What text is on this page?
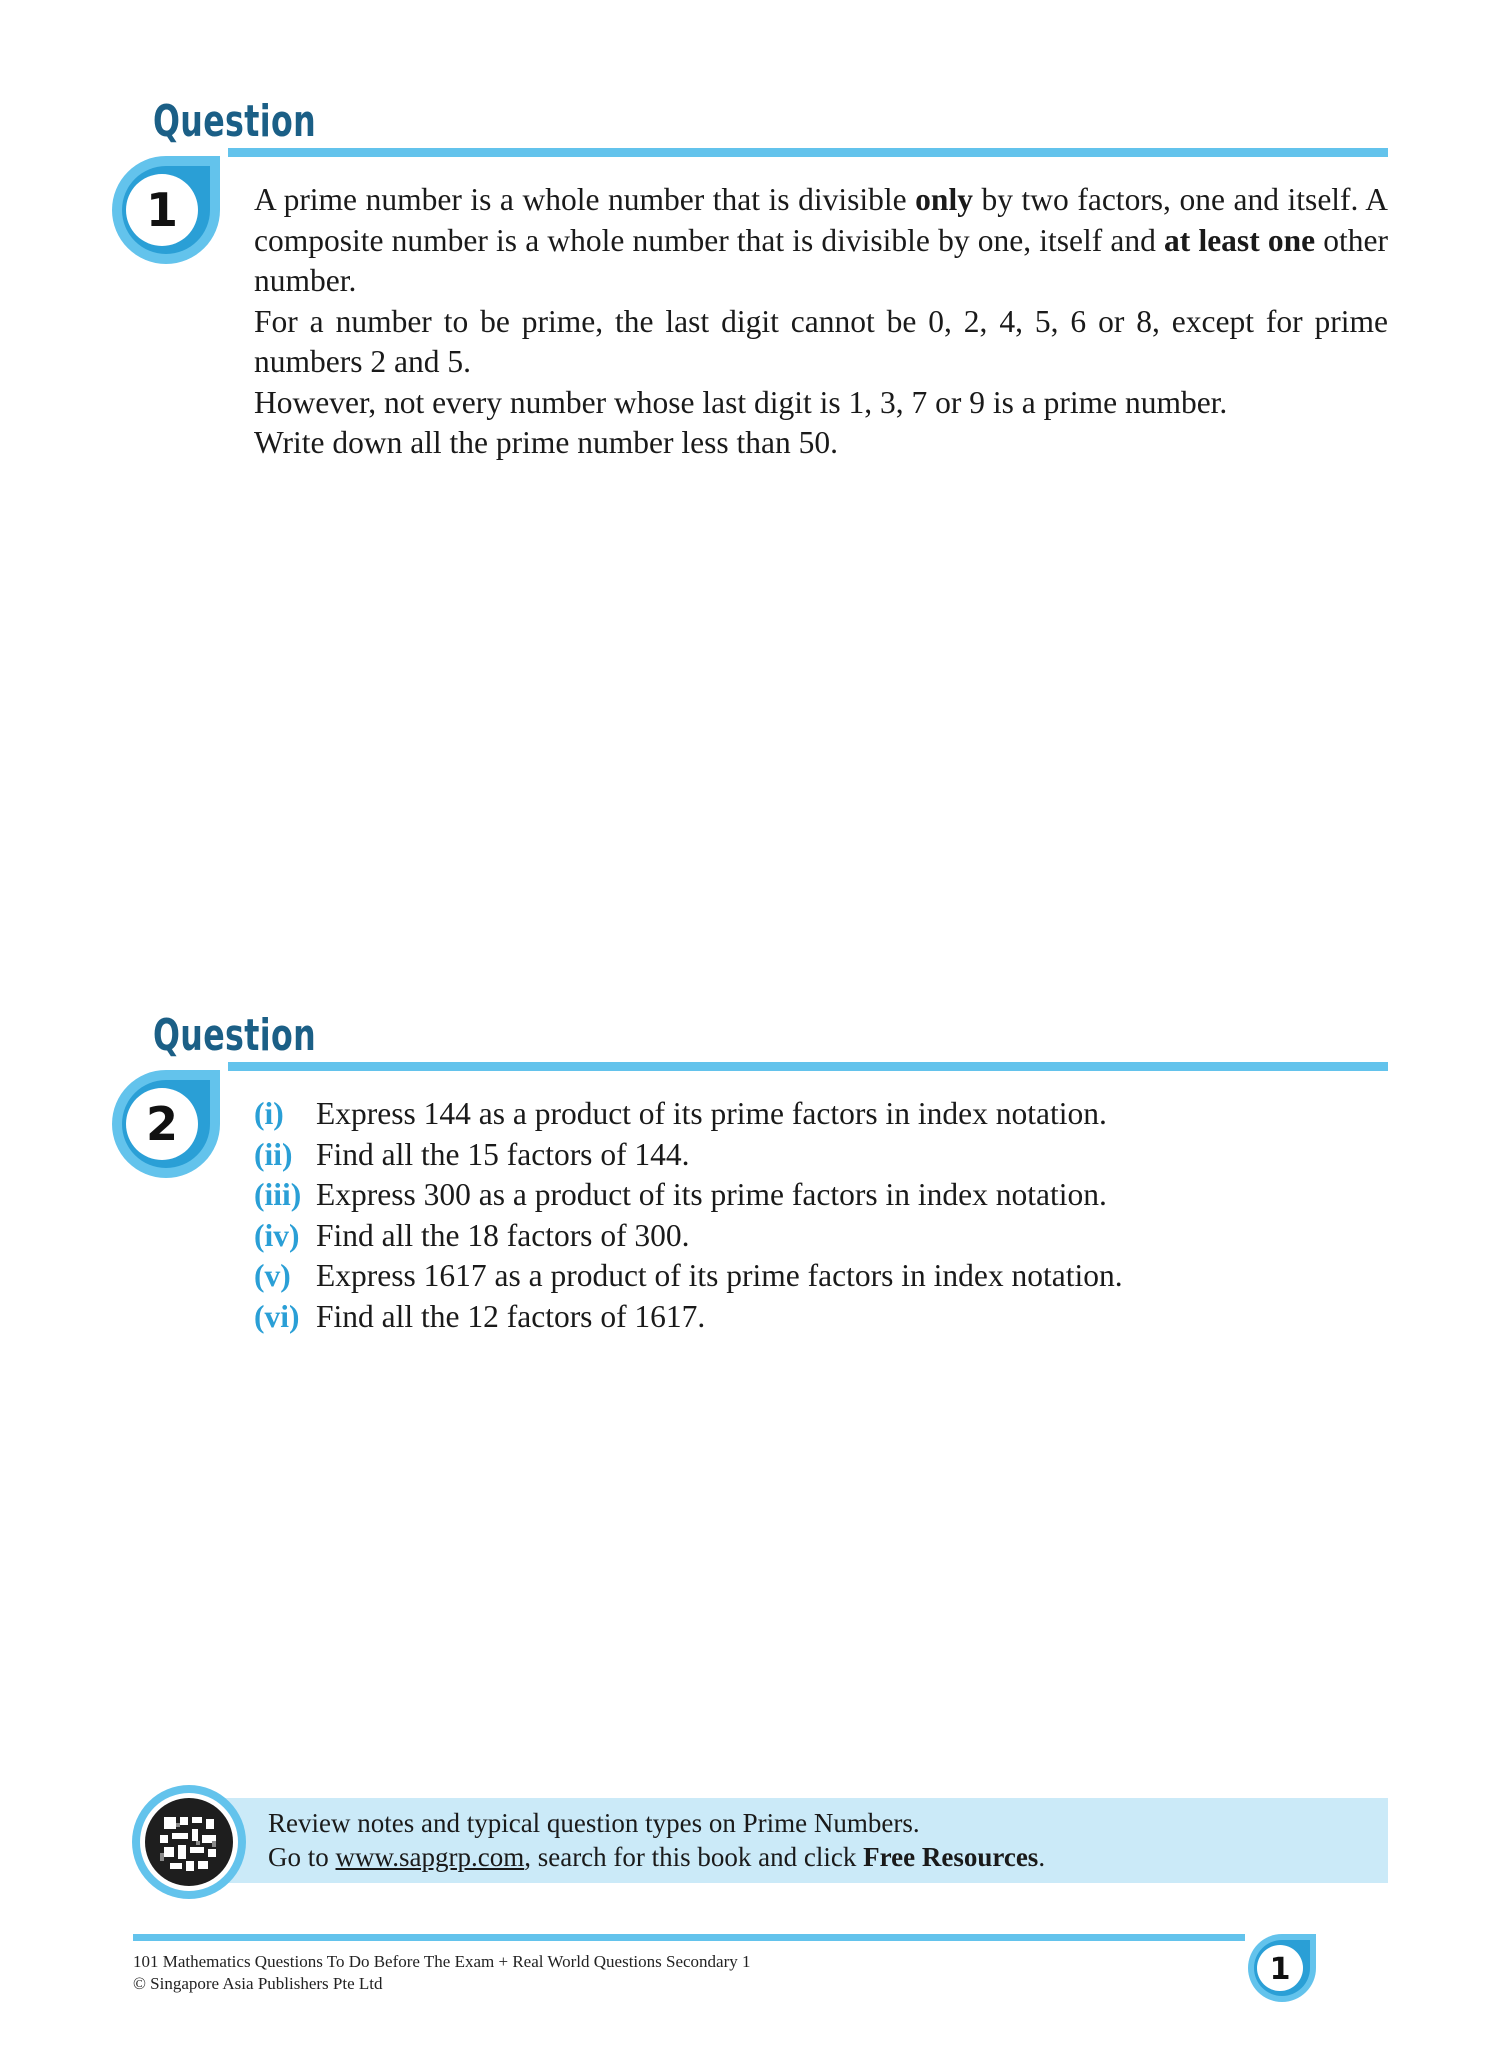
Question
1 A prime number is a whole number that is divisible only by two factors, one and itself. A composite number is a whole number that is divisible by one, itself and at least one other number.

For a number to be prime, the last digit cannot be 0, 2, 4, 5, 6 or 8, except for prime numbers 2 and 5.

However, not every number whose last digit is 1, 3, 7 or 9 is a prime number.

Write down all the prime number less than 50.

Question
2 (i)	Express 144 as a product of its prime factors in index notation.
(ii) Find all the 15 factors of 144.
(iii) Express 300 as a product of its prime factors in index notation.
(iv) Find all the 18 factors of 300.
(v) Express 1617 as a product of its prime factors in index notation.
(vi) Find all the 12 factors of 1617.
Review notes and typical question types on Prime Numbers.
Go to www.sapgrp.com, search for this book and click Free Resources.
101 Mathematics Questions To Do Before The Exam + Real World Questions Secondary 1
© Singapore Asia Publishers Pte Ltd	1
